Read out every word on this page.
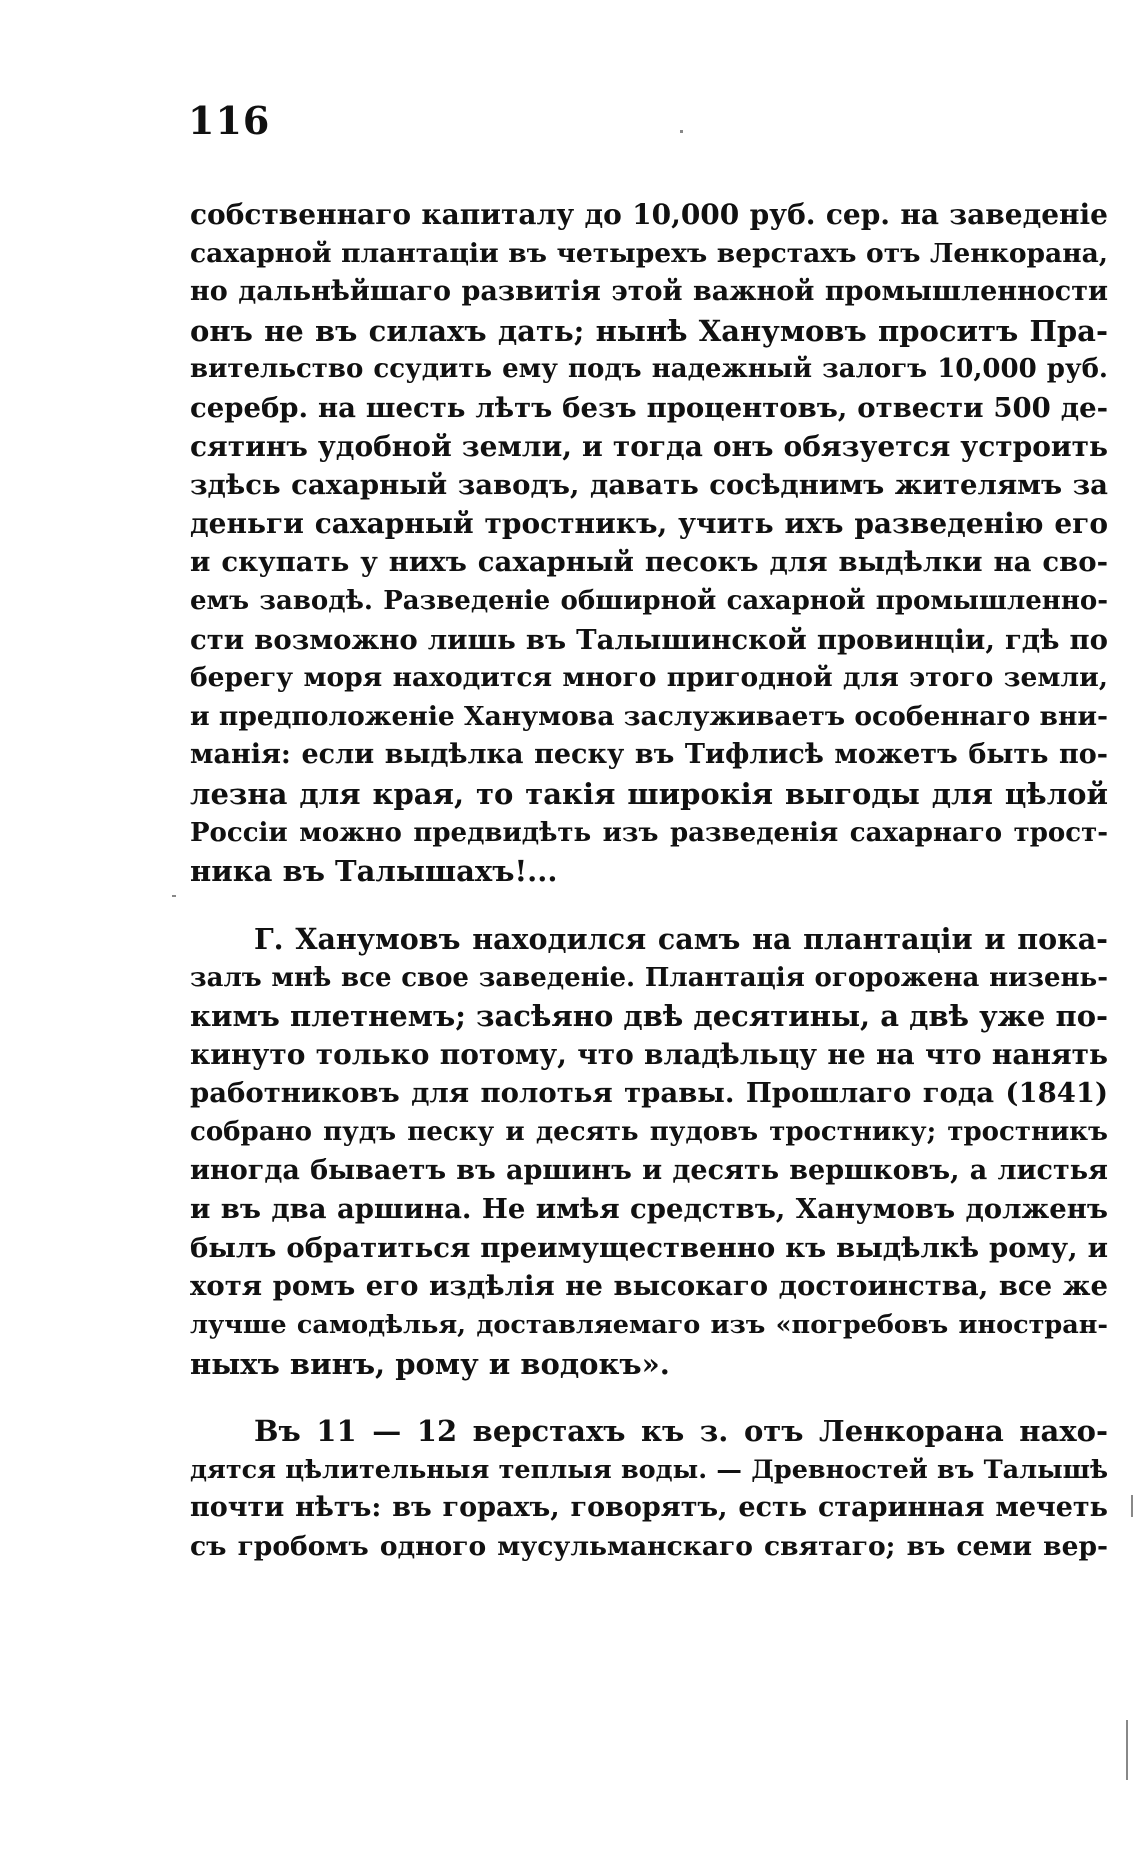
116
собственнаго капиталу до 10,000 руб. сер. на заведеніе
сахарной плантаціи въ четырехъ верстахъ отъ Ленкорана,
но дальнѣйшаго развитія этой важной промышленности
онъ не въ силахъ дать; нынѣ Ханумовъ проситъ Пра-
вительство ссудить ему подъ надежный залогъ 10,000 руб.
серебр. на шесть лѣтъ безъ процентовъ, отвести 500 де-
сятинъ удобной земли, и тогда онъ обязуется устроить
здѣсь сахарный заводъ, давать сосѣднимъ жителямъ за
деньги сахарный тростникъ, учить ихъ разведенію его
и скупать у нихъ сахарный песокъ для выдѣлки на сво-
емъ заводѣ. Разведеніе обширной сахарной промышленно-
сти возможно лишь въ Талышинской провинціи, гдѣ по
берегу моря находится много пригодной для этого земли,
и предположеніе Ханумова заслуживаетъ особеннаго вни-
манія: если выдѣлка песку въ Тифлисѣ можетъ быть по-
лезна для края, то такія широкія выгоды для цѣлой
Россіи можно предвидѣть изъ разведенія сахарнаго трост-
ника въ Талышахъ!...
Г. Ханумовъ находился самъ на плантаціи и пока-
залъ мнѣ все свое заведеніе. Плантація огорожена низень-
кимъ плетнемъ; засѣяно двѣ десятины, а двѣ уже по-
кинуто только потому, что владѣльцу не на что нанять
работниковъ для полотья травы. Прошлаго года (1841)
собрано пудъ песку и десять пудовъ тростнику; тростникъ
иногда бываетъ въ аршинъ и десять вершковъ, а листья
и въ два аршина. Не имѣя средствъ, Ханумовъ долженъ
былъ обратиться преимущественно къ выдѣлкѣ рому, и
хотя ромъ его издѣлія не высокаго достоинства, все же
лучше самодѣлья, доставляемаго изъ «погребовъ иностран-
ныхъ винъ, рому и водокъ».
Въ 11 — 12 верстахъ къ з. отъ Ленкорана нахо-
дятся цѣлительныя теплыя воды. — Древностей въ Талышѣ
почти нѣтъ: въ горахъ, говорятъ, есть старинная мечеть
съ гробомъ одного мусульманскаго святаго; въ семи вер-
